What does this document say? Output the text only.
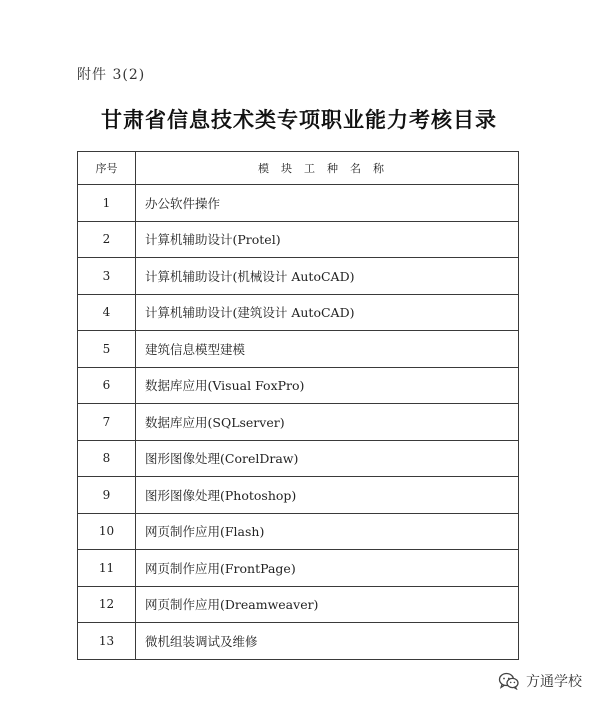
附件 3(2)
甘肃省信息技术类专项职业能力考核目录
序号	模块工种名称
1	办公软件操作
2	计算机辅助设计(Protel)
3	计算机辅助设计(机械设计 AutoCAD)
4	计算机辅助设计(建筑设计 AutoCAD)
5	建筑信息模型建模
6	数据库应用(Visual FoxPro)
7	数据库应用(SQLserver)
8	图形图像处理(CorelDraw)
9	图形图像处理(Photoshop)
10	网页制作应用(Flash)
11	网页制作应用(FrontPage)
12	网页制作应用(Dreamweaver)
13	微机组装调试及维修
方通学校
